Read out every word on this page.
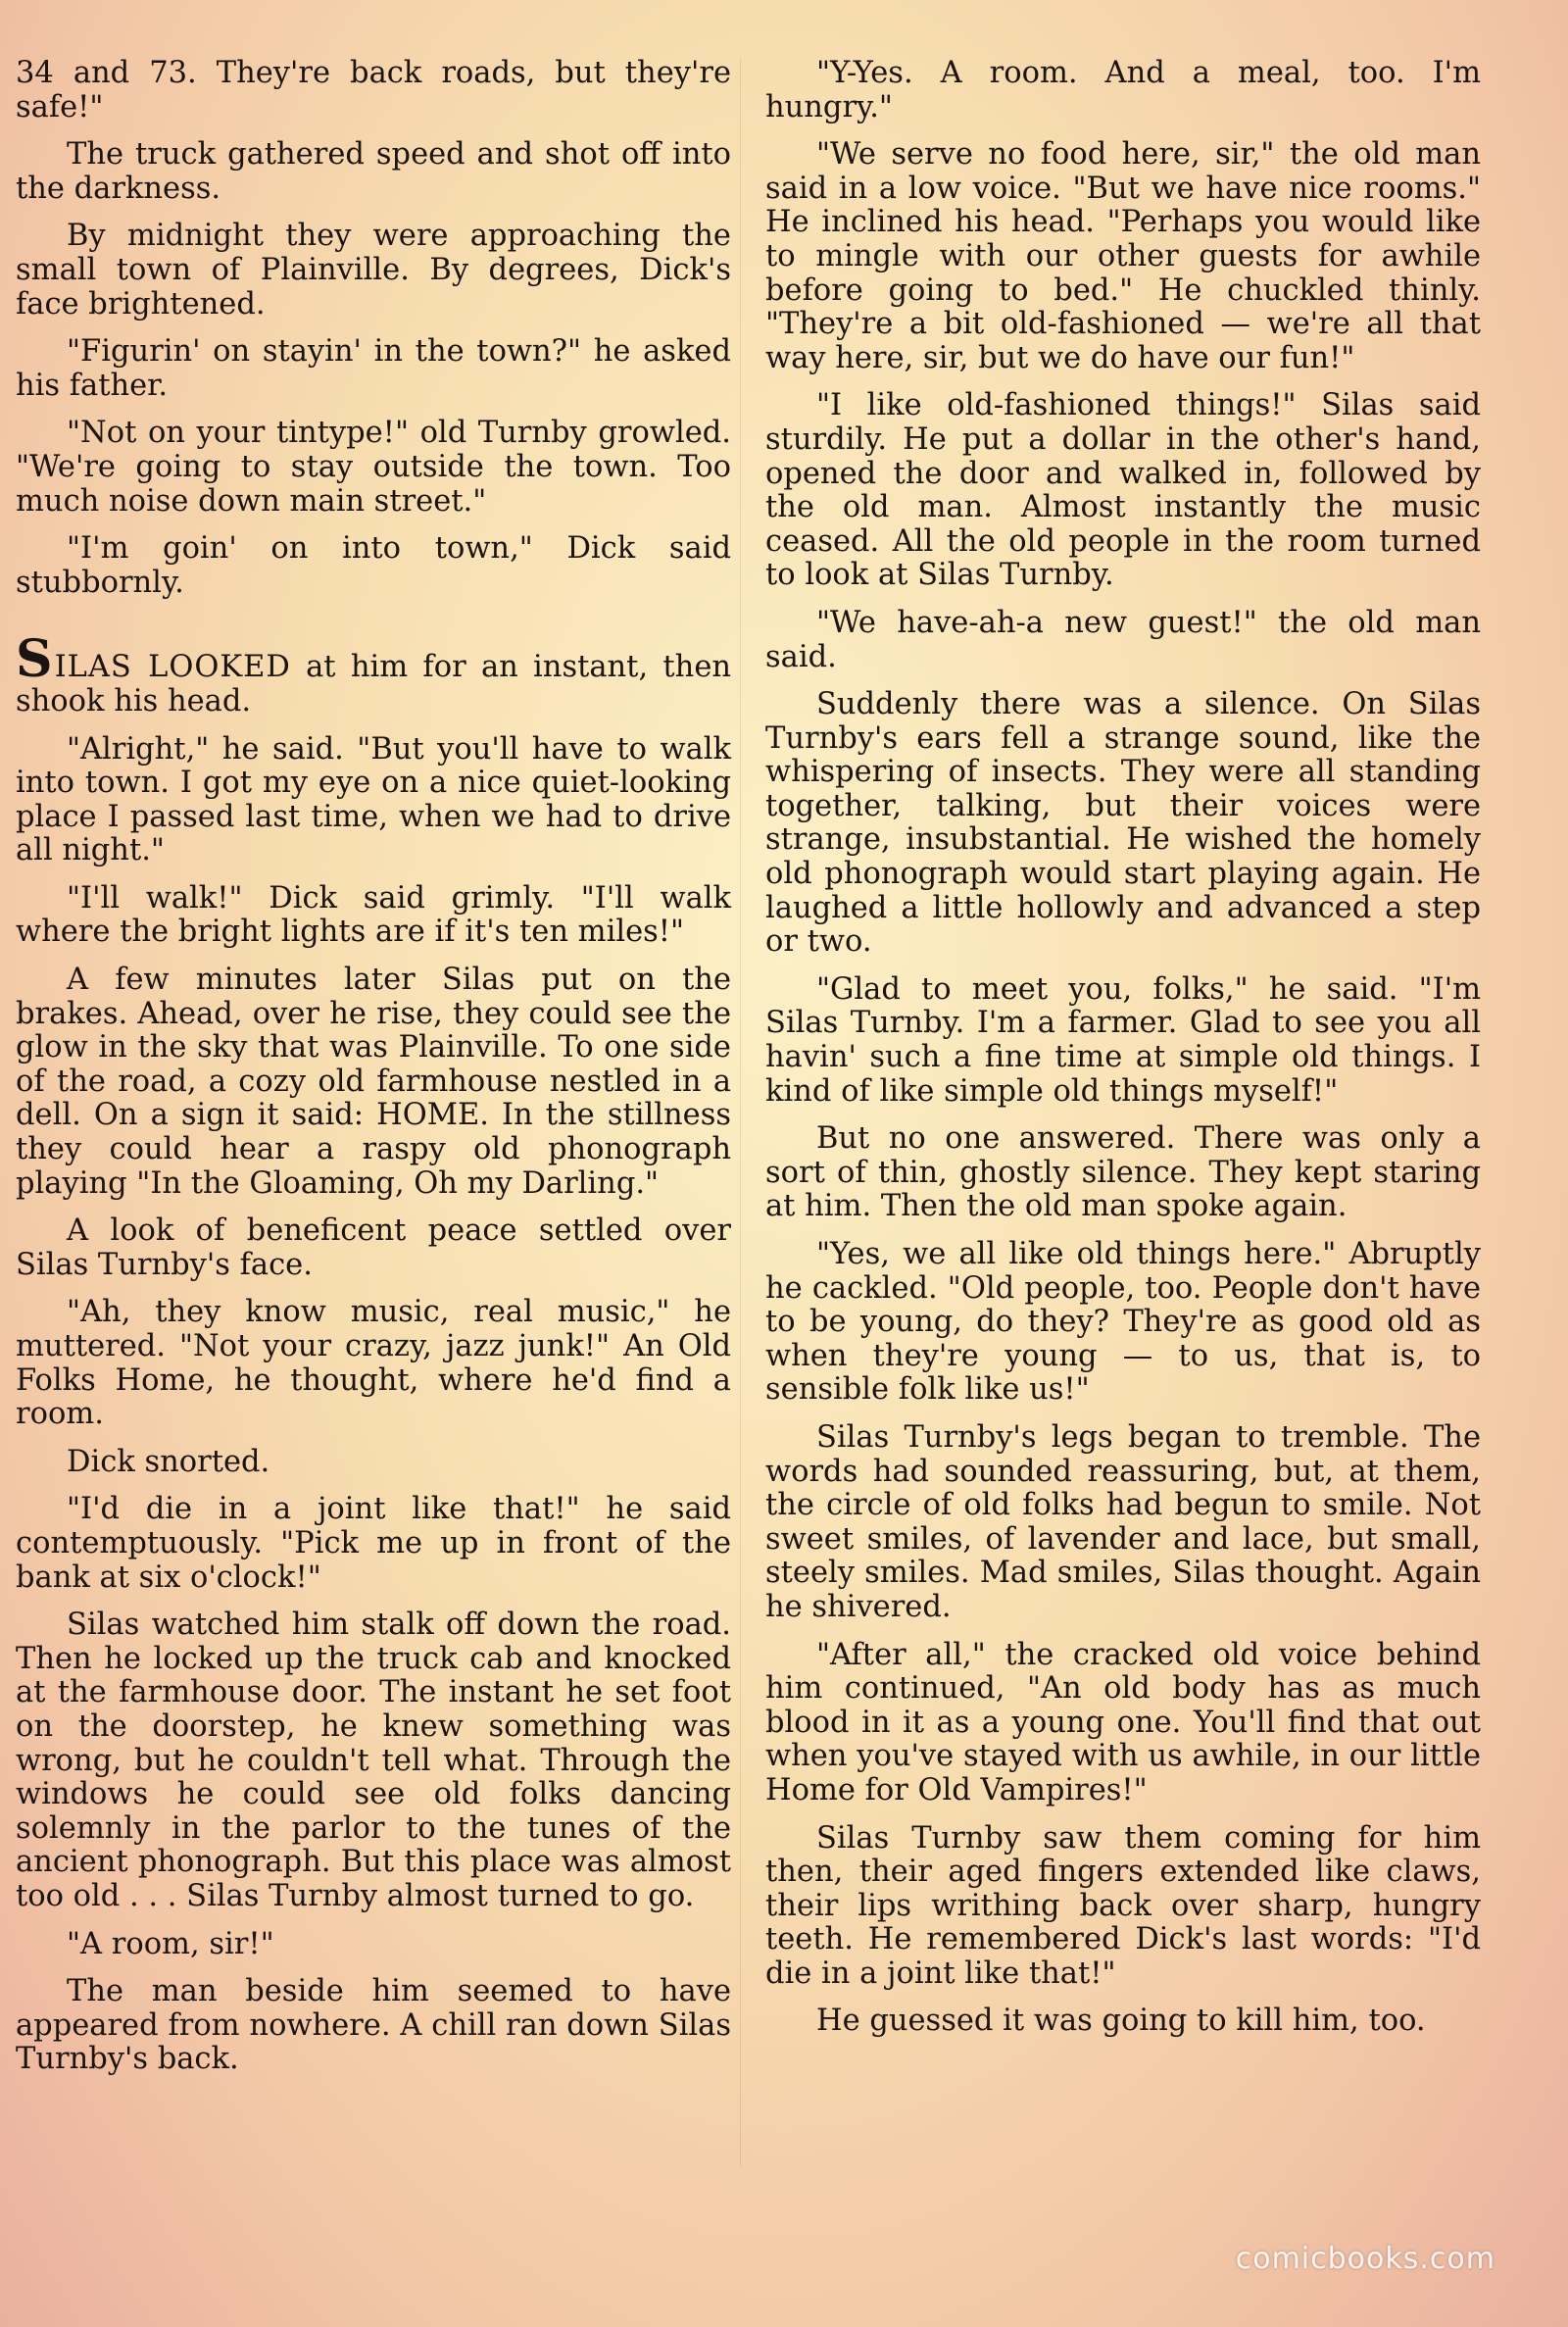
34 and 73. They're back roads, but they're safe!"

The truck gathered speed and shot off into the darkness.

By midnight they were approaching the small town of Plainville. By degrees, Dick's face brightened.

"Figurin' on stayin' in the town?" he asked his father.

"Not on your tintype!" old Turnby growled. "We're going to stay outside the town. Too much noise down main street."

"I'm goin' on into town," Dick said stubbornly.

SILAS LOOKED at him for an instant, then shook his head.

"Alright," he said. "But you'll have to walk into town. I got my eye on a nice quiet-looking place I passed last time, when we had to drive all night."

"I'll walk!" Dick said grimly. "I'll walk where the bright lights are if it's ten miles!"

A few minutes later Silas put on the brakes. Ahead, over he rise, they could see the glow in the sky that was Plainville. To one side of the road, a cozy old farmhouse nestled in a dell. On a sign it said: HOME. In the stillness they could hear a raspy old phonograph playing "In the Gloaming, Oh my Darling."

A look of beneficent peace settled over Silas Turnby's face.

"Ah, they know music, real music," he muttered. "Not your crazy, jazz junk!" An Old Folks Home, he thought, where he'd find a room.

Dick snorted.

"I'd die in a joint like that!" he said contemptuously. "Pick me up in front of the bank at six o'clock!"

Silas watched him stalk off down the road. Then he locked up the truck cab and knocked at the farmhouse door. The instant he set foot on the doorstep, he knew something was wrong, but he couldn't tell what. Through the windows he could see old folks dancing solemnly in the parlor to the tunes of the ancient phonograph. But this place was almost too old . . . Silas Turnby almost turned to go.

"A room, sir!"

The man beside him seemed to have appeared from nowhere. A chill ran down Silas Turnby's back.

"Y-Yes. A room. And a meal, too. I'm hungry."

"We serve no food here, sir," the old man said in a low voice. "But we have nice rooms." He inclined his head. "Perhaps you would like to mingle with our other guests for awhile before going to bed." He chuckled thinly. "They're a bit old-fashioned — we're all that way here, sir, but we do have our fun!"

"I like old-fashioned things!" Silas said sturdily. He put a dollar in the other's hand, opened the door and walked in, followed by the old man. Almost instantly the music ceased. All the old people in the room turned to look at Silas Turnby.

"We have-ah-a new guest!" the old man said.

Suddenly there was a silence. On Silas Turnby's ears fell a strange sound, like the whispering of insects. They were all standing together, talking, but their voices were strange, insubstantial. He wished the homely old phonograph would start playing again. He laughed a little hollowly and advanced a step or two.

"Glad to meet you, folks," he said. "I'm Silas Turnby. I'm a farmer. Glad to see you all havin' such a fine time at simple old things. I kind of like simple old things myself!"

But no one answered. There was only a sort of thin, ghostly silence. They kept staring at him. Then the old man spoke again.

"Yes, we all like old things here." Abruptly he cackled. "Old people, too. People don't have to be young, do they? They're as good old as when they're young — to us, that is, to sensible folk like us!"

Silas Turnby's legs began to tremble. The words had sounded reassuring, but, at them, the circle of old folks had begun to smile. Not sweet smiles, of lavender and lace, but small, steely smiles. Mad smiles, Silas thought. Again he shivered.

"After all," the cracked old voice behind him continued, "An old body has as much blood in it as a young one. You'll find that out when you've stayed with us awhile, in our little Home for Old Vampires!"

Silas Turnby saw them coming for him then, their aged fingers extended like claws, their lips writhing back over sharp, hungry teeth. He remembered Dick's last words: "I'd die in a joint like that!"

He guessed it was going to kill him, too.

comicbooks.com
